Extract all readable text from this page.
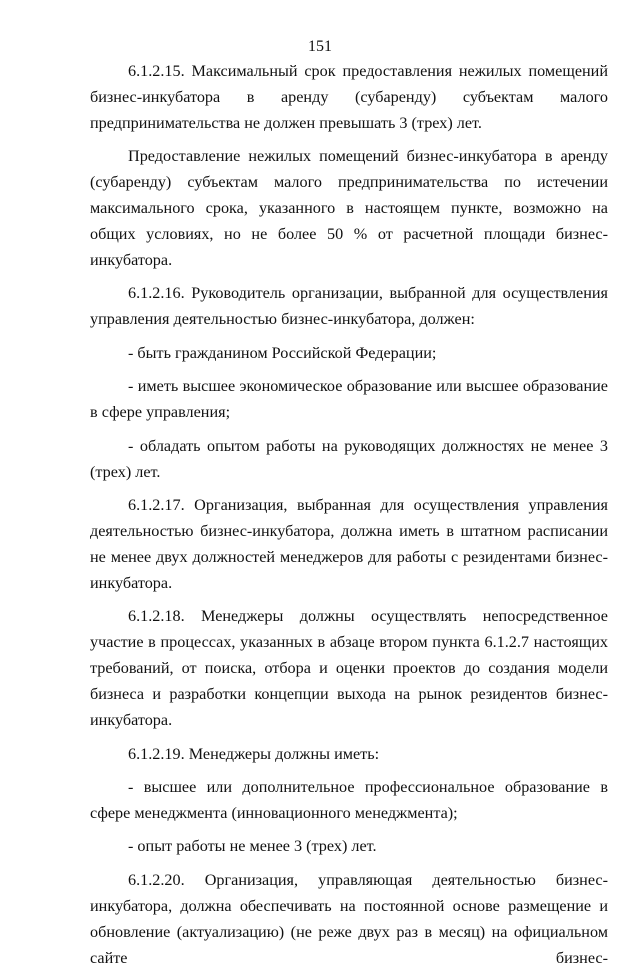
151

6.1.2.15. Максимальный срок предоставления нежилых помещений бизнес-инкубатора в аренду (субаренду) субъектам малого предпринимательства не должен превышать 3 (трех) лет.

Предоставление нежилых помещений бизнес-инкубатора в аренду (субаренду) субъектам малого предпринимательства по истечении максимального срока, указанного в настоящем пункте, возможно на общих условиях, но не более 50 % от расчетной площади бизнес-инкубатора.

6.1.2.16. Руководитель организации, выбранной для осуществления управления деятельностью бизнес-инкубатора, должен:

- быть гражданином Российской Федерации;

- иметь высшее экономическое образование или высшее образование в сфере управления;

- обладать опытом работы на руководящих должностях не менее 3 (трех) лет.

6.1.2.17. Организация, выбранная для осуществления управления деятельностью бизнес-инкубатора, должна иметь в штатном расписании не менее двух должностей менеджеров для работы с резидентами бизнес-инкубатора.

6.1.2.18. Менеджеры должны осуществлять непосредственное участие в процессах, указанных в абзаце втором пункта 6.1.2.7 настоящих требований, от поиска, отбора и оценки проектов до создания модели бизнеса и разработки концепции выхода на рынок резидентов бизнес-инкубатора.

6.1.2.19. Менеджеры должны иметь:

- высшее или дополнительное профессиональное образование в сфере менеджмента (инновационного менеджмента);

- опыт работы не менее 3 (трех) лет.

6.1.2.20. Организация, управляющая деятельностью бизнес-инкубатора, должна обеспечивать на постоянной основе размещение и обновление (актуализацию) (не реже двух раз в месяц) на официальном сайте бизнес-
